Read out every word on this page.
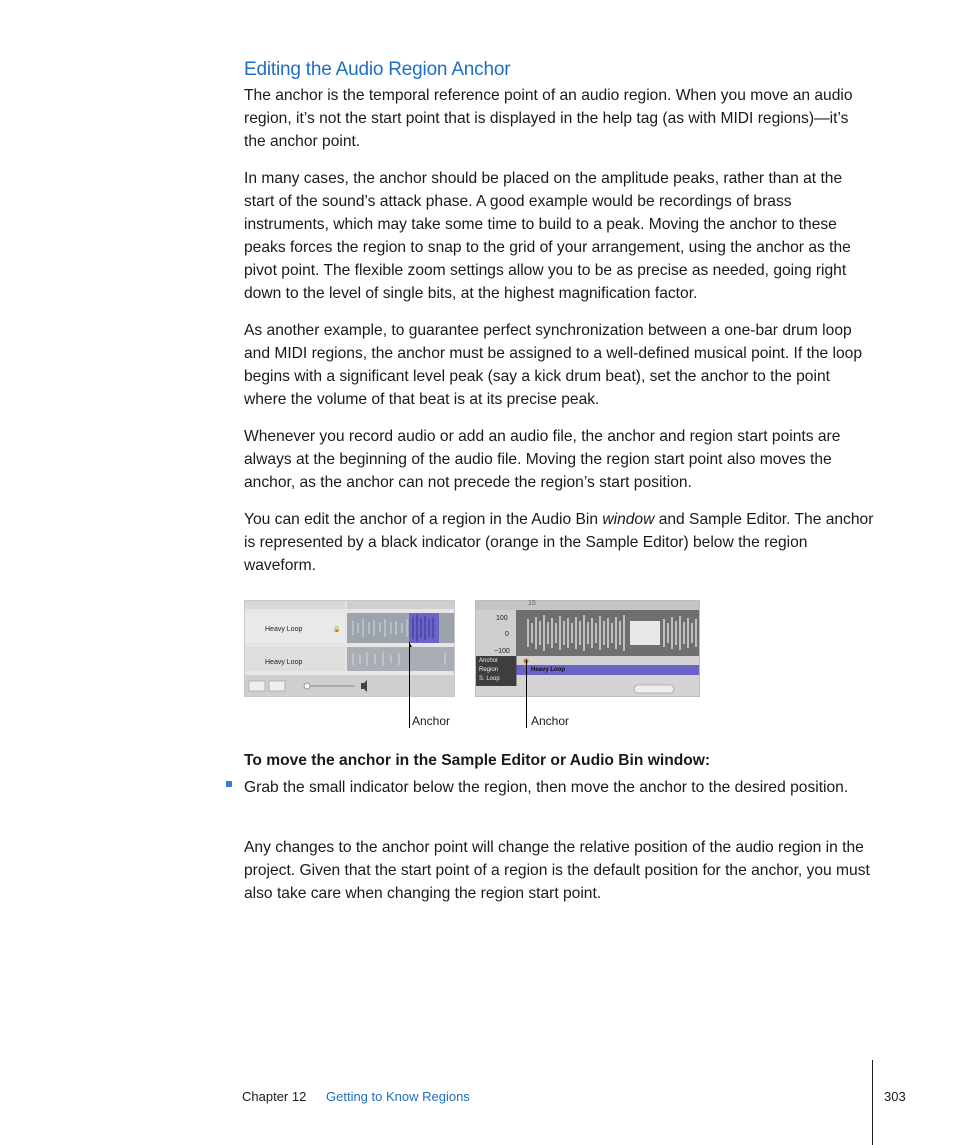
Editing the Audio Region Anchor

The anchor is the temporal reference point of an audio region. When you move an audio region, it’s not the start point that is displayed in the help tag (as with MIDI regions)—it’s the anchor point.

In many cases, the anchor should be placed on the amplitude peaks, rather than at the start of the sound’s attack phase. A good example would be recordings of brass instruments, which may take some time to build to a peak. Moving the anchor to these peaks forces the region to snap to the grid of your arrangement, using the anchor as the pivot point. The flexible zoom settings allow you to be as precise as needed, going right down to the level of single bits, at the highest magnification factor.

As another example, to guarantee perfect synchronization between a one-bar drum loop and MIDI regions, the anchor must be assigned to a well-defined musical point. If the loop begins with a significant level peak (say a kick drum beat), set the anchor to the point where the volume of that beat is at its precise peak.

Whenever you record audio or add an audio file, the anchor and region start points are always at the beginning of the audio file. Moving the region start point also moves the anchor, as the anchor can not precede the region’s start position.

You can edit the anchor of a region in the Audio Bin window and Sample Editor. The anchor is represented by a black indicator (orange in the Sample Editor) below the region waveform.

🔒
Heavy Loop
Heavy Loop
15
100
0
−100
Anchor
Region
S. Loop
Heavy Loop
Anchor	Anchor

To move the anchor in the Sample Editor or Audio Bin window:

Grab the small indicator below the region, then move the anchor to the desired position.

Any changes to the anchor point will change the relative position of the audio region in the project. Given that the start point of a region is the default position for the anchor, you must also take care when changing the region start point.

Chapter 12 Getting to Know Regions	303
